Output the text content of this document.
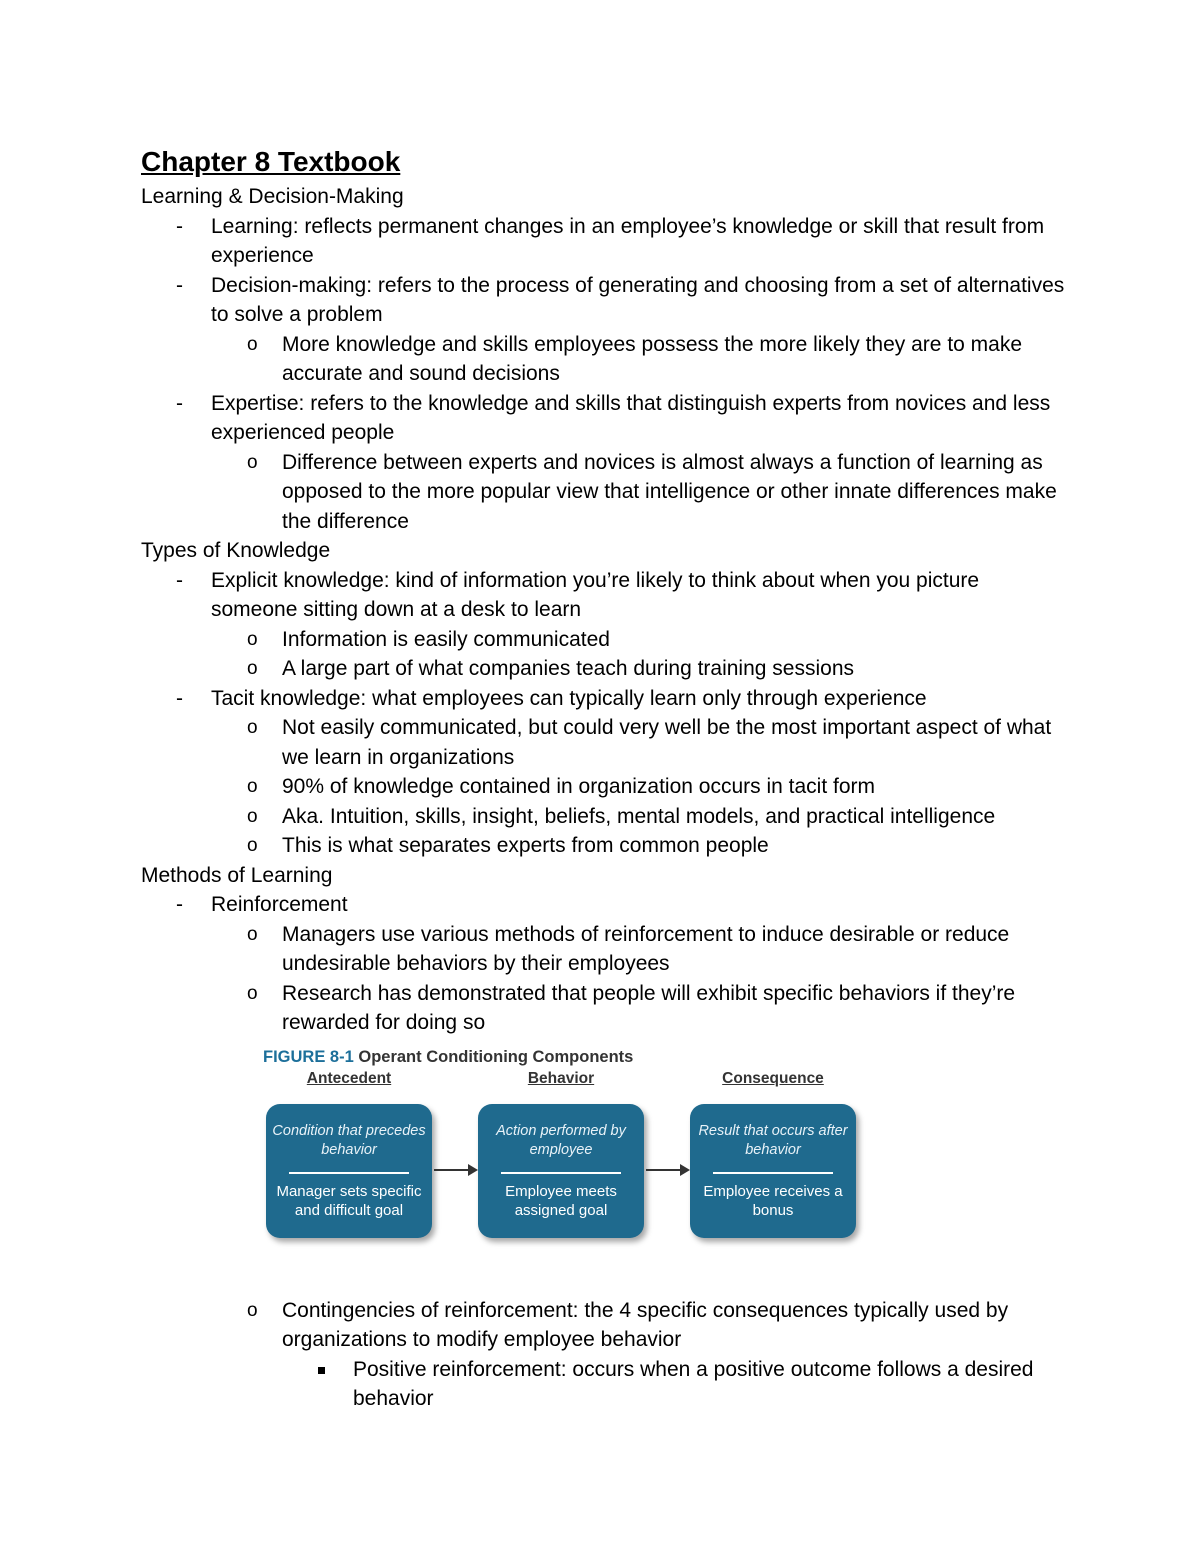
Chapter 8 Textbook

Learning & Decision-Making

- Learning: reflects permanent changes in an employee’s knowledge or skill that result from experience
- Decision-making: refers to the process of generating and choosing from a set of alternatives to solve a problem
o More knowledge and skills employees possess the more likely they are to make accurate and sound decisions
- Expertise: refers to the knowledge and skills that distinguish experts from novices and less experienced people
o Difference between experts and novices is almost always a function of learning as opposed to the more popular view that intelligence or other innate differences make the difference

Types of Knowledge

- Explicit knowledge: kind of information you’re likely to think about when you picture someone sitting down at a desk to learn
o Information is easily communicated
o A large part of what companies teach during training sessions
- Tacit knowledge: what employees can typically learn only through experience
o Not easily communicated, but could very well be the most important aspect of what we learn in organizations
o 90% of knowledge contained in organization occurs in tacit form
o Aka. Intuition, skills, insight, beliefs, mental models, and practical intelligence
o This is what separates experts from common people

Methods of Learning

- Reinforcement
o Managers use various methods of reinforcement to induce desirable or reduce undesirable behaviors by their employees
o Research has demonstrated that people will exhibit specific behaviors if they’re rewarded for doing so
FIGURE 8-1 Operant Conditioning Components
Antecedent	Behavior	Consequence
Condition that precedes behavior
Manager sets specific and difficult goal
Action performed by employee
Employee meets assigned goal
Result that occurs after behavior
Employee receives a bonus
o Contingencies of reinforcement: the 4 specific consequences typically used by organizations to modify employee behavior
Positive reinforcement: occurs when a positive outcome follows a desired behavior
